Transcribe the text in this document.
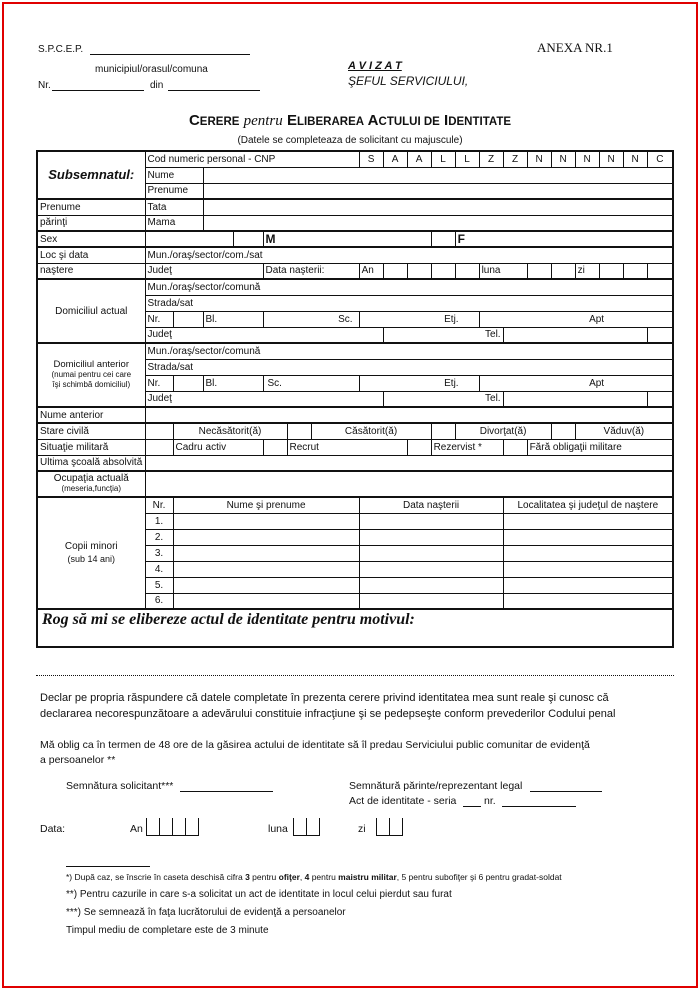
S.P.C.E.P.
municipiul/orasul/comuna
Nr.	din
ANEXA NR.1
A V I Z A T
ŞEFUL SERVICIULUI,
CERERE pentru ELIBERAREA ACTULUI DE IDENTITATE
(Datele se completeaza de solicitant cu majuscule)
Subsemnatul:	Cod numeric personal - CNP							S	A	A	L	L	Z	Z	N	N	N	N	N	C
	Nume																			
	Prenume																			
Prenume	Tata																			
părinţi	Mama																			
Sex					M							F								
Loc şi data	Mun./oraş/sector/com./sat																			
naştere	Judeţ				Data naşterii:			An					luna				zi			
Domiciliul actual	Mun./oraş/sector/comună																			
	Strada/sat																			
	Nr.		Bl.		Sc.			Etj.					Apt							
	Judeţ								Tel.											
Domiciliul anterior
(numai pentru cei care
îşi schimbă domiciliul)	Mun./oraş/sector/comună																			
	Strada/sat																			
	Nr.		Bl.		Sc.			Etj.					Apt							
	Judeţ								Tel.											
Nume anterior																				
Stare civilă		Necăsătorit(ă)					Căsătorit(ă)					Divorţat(ă)					Văduv(ă)			
Situaţie militară		Cadru activ				Recrut					Rezervist *				Fără obligaţii militare					
Ultima şcoală absolvită																				
Ocupaţia actuală
(meseria,funcţia)																				
Copii minori
(sub 14 ani)	Nr.	Nume şi prenume						Data naşterii						Localitatea şi judeţul de naştere						
	1.																			
	2.																			
	3.																			
	4.																			
	5.																			
	6.																			
Rog să mi se elibereze actul de identitate pentru motivul:																				
Declar pe propria răspundere că datele completate în prezenta cerere privind identitatea mea sunt reale şi cunosc că
declararea necorespunzătoare a adevărului constituie infracţiune şi se pedepseşte conform prevederilor Codului penal
Mă oblig ca în termen de 48 ore de la găsirea actului de identitate să îl predau Serviciului public comunitar de evidenţă
a persoanelor **
Semnătura solicitant***	Semnătură părinte/reprezentant legal
Act de identitate - seria	nr.
Data:	An	luna	zi
*) După caz, se înscrie în caseta deschisă cifra 3 pentru ofiţer, 4 pentru maistru militar, 5 pentru subofiţer şi 6 pentru gradat-soldat
**) Pentru cazurile in care s-a solicitat un act de identitate in locul celui pierdut sau furat
***) Se semnează în faţa lucrătorului de evidenţă a persoanelor
Timpul mediu de completare este de 3 minute
